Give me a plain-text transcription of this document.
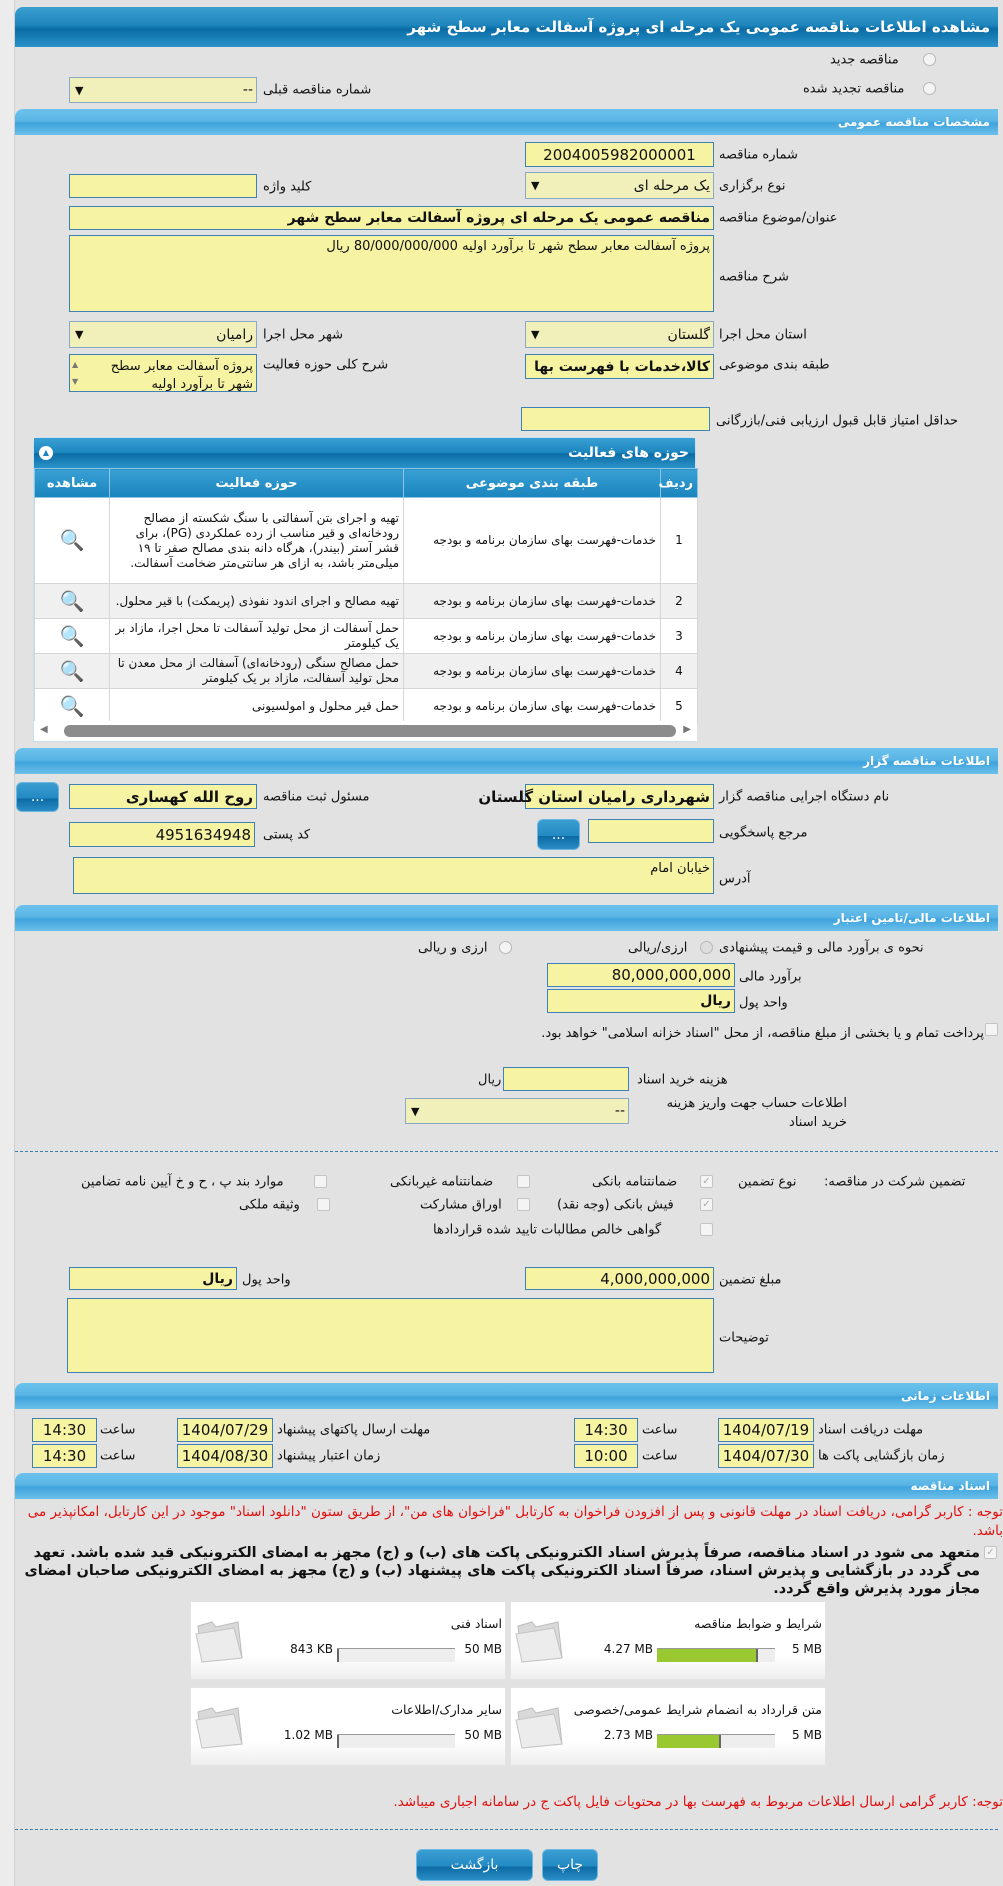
مشاهده اطلاعات مناقصه عمومی یک مرحله ای پروژه آسفالت معابر سطح شهر
مناقصه جدید
مناقصه تجدید شده
--
▼	شماره مناقصه قبلی
مشخصات مناقصه عمومی
2004005982000001	شماره مناقصه
یک مرحله ای
▼	نوع برگزاری
کلید واژه
مناقصه عمومی یک مرحله ای پروژه آسفالت معابر سطح شهر عنوان/موضوع مناقصه
پروژه آسفالت معابر سطح شهر تا برآورد اولیه 80/000/000/000 ریال
شرح مناقصه
گلستان
▼	استان محل اجرا
رامیان
▼	شهر محل اجرا
کالا،خدمات با فهرست بها طبقه بندی موضوعی
پروژه آسفالت معابر سطح شهر تا برآورد اولیه
▲
▼
شرح کلی حوزه فعالیت
حداقل امتیاز قابل قبول ارزیابی فنی/بازرگانی
حوزه های فعالیت
▲
ردیف	طبقه بندی موضوعی	حوزه فعالیت	مشاهده
1	خدمات-فهرست بهای سازمان برنامه و بودجه	تهیه و اجرای بتن آسفالتی با سنگ شکسته از مصالح رودخانه‌ای و قیر مناسب از رده عملکردی (PG)، برای قشر آستر (بیندر)، هرگاه دانه بندی مصالح صفر تا ۱۹ میلی‌متر باشد، به ازای هر سانتی‌متر ضخامت آسفالت.	🔍
2	خدمات-فهرست بهای سازمان برنامه و بودجه	تهیه مصالح و اجرای اندود نفوذی (پریمکت) با قیر محلول.	🔍
3	خدمات-فهرست بهای سازمان برنامه و بودجه	حمل آسفالت از محل تولید آسفالت تا محل اجرا، مازاد بر یک کیلومتر	🔍
4	خدمات-فهرست بهای سازمان برنامه و بودجه	حمل مصالح سنگی (رودخانه‌ای) آسفالت از محل معدن تا محل تولید آسفالت، مازاد بر یک کیلومتر	🔍
5	خدمات-فهرست بهای سازمان برنامه و بودجه	حمل قیر محلول و امولسیونی	🔍
◀	▶
اطلاعات مناقصه گزار
شهرداری رامیان استان گلستان نام دستگاه اجرایی مناقصه گزار
روح الله کهساری مسئول ثبت مناقصه
...
مرجع پاسخگویی
...
4951634948 کد پستی
خیابان امام
آدرس
اطلاعات مالی/تامین اعتبار
نحوه ی برآورد مالی و قیمت پیشنهادی
ارزی/ریالی
ارزی و ریالی
80,000,000,000 برآورد مالی
ریال واحد پول
پرداخت تمام و یا بخشی از مبلغ مناقصه، از محل "اسناد خزانه اسلامی" خواهد بود.
ریال	هزینه خرید اسناد
--
▼	اطلاعات حساب جهت واریز هزینه خرید اسناد
تضمین شرکت در مناقصه:
نوع تضمین
✓
ضمانتنامه بانکی
ضمانتنامه غیربانکی
موارد بند پ ، ح و خ آیین نامه تضامین
✓
فیش بانکی (وجه نقد)
اوراق مشارکت
وثیقه ملکی
گواهی خالص مطالبات تایید شده قراردادها
4,000,000,000 مبلغ تضمین
ریال واحد پول
توضیحات
اطلاعات زمانی
1404/07/19 مهلت دریافت اسناد
14:30	ساعت
1404/07/29 مهلت ارسال پاکتهای پیشنهاد
14:30	ساعت
1404/07/30 زمان بازگشایی پاکت ها
10:00	ساعت
1404/08/30 زمان اعتبار پیشنهاد
14:30	ساعت
اسناد مناقصه
توجه : کاربر گرامی، دریافت اسناد در مهلت قانونی و پس از افزودن فراخوان به کارتابل "فراخوان های من"، از طریق ستون "دانلود اسناد" موجود در این کارتابل، امکانپذیر می باشد.
✓
متعهد می شود در اسناد مناقصه، صرفاً پذیرش اسناد الکترونیکی پاکت های (ب) و (ج) مجهز به امضای الکترونیکی قید شده باشد. تعهد می گردد در بازگشایی و پذیرش اسناد، صرفاً اسناد الکترونیکی پاکت های پیشنهاد (ب) و (ج) مجهز به امضای الکترونیکی صاحبان امضای مجاز مورد پذیرش واقع گردد.
شرایط و ضوابط مناقصه
5 MB
4.27 MB
اسناد فنی
50 MB
843 KB
متن قرارداد به انضمام شرایط عمومی/خصوصی
5 MB
2.73 MB
سایر مدارک/اطلاعات
50 MB
1.02 MB
توجه: کاربر گرامی ارسال اطلاعات مربوط به فهرست بها در محتویات فایل پاکت ج در سامانه اجباری میباشد.
چاپ
بازگشت
